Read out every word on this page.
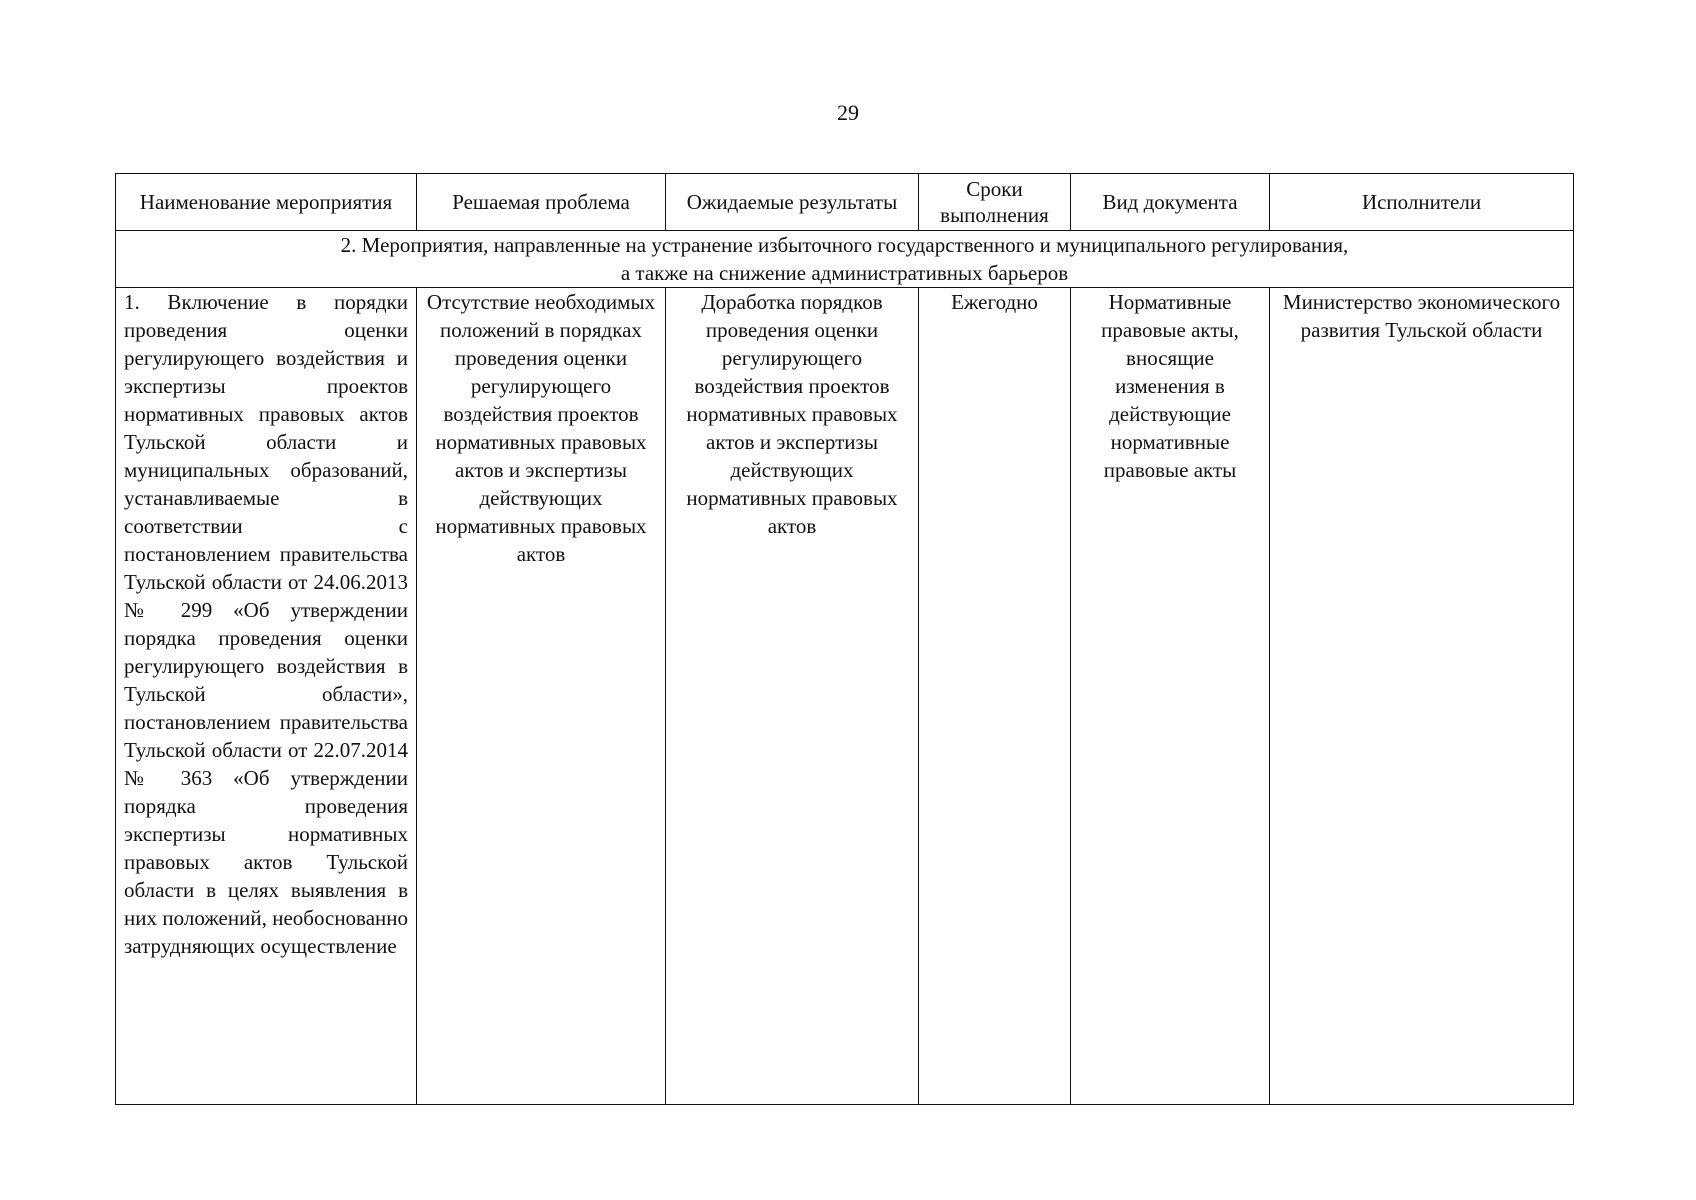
29
Наименование мероприятия	Решаемая проблема	Ожидаемые результаты	Сроки выполнения	Вид документа	Исполнители

2. Мероприятия, направленные на устранение избыточного государственного и муниципального регулирования,
а также на снижение административных барьеров					

1. Включение в порядки проведения оценки регулирующего воздействия и экспертизы проектов нормативных правовых актов Тульской области и муниципальных образований, устанавливаемые в соответствии с постановлением правительства Тульской области от 24.06.2013 № 299 «Об утверждении порядка проведения оценки регулирующего воздействия в Тульской области», постановлением правительства Тульской области от 22.07.2014 № 363 «Об утверждении порядка проведения экспертизы нормативных правовых актов Тульской области в целях выявления в них положений, необоснованно затрудняющих осуществление	Отсутствие необходимых положений в порядках проведения оценки регулирующего воздействия проектов нормативных правовых актов и экспертизы действующих нормативных правовых актов	Доработка порядков проведения оценки регулирующего воздействия проектов нормативных правовых актов и экспертизы действующих нормативных правовых актов	Ежегодно	Нормативные правовые акты, вносящие изменения в действующие нормативные правовые акты	Министерство экономического развития Тульской области
